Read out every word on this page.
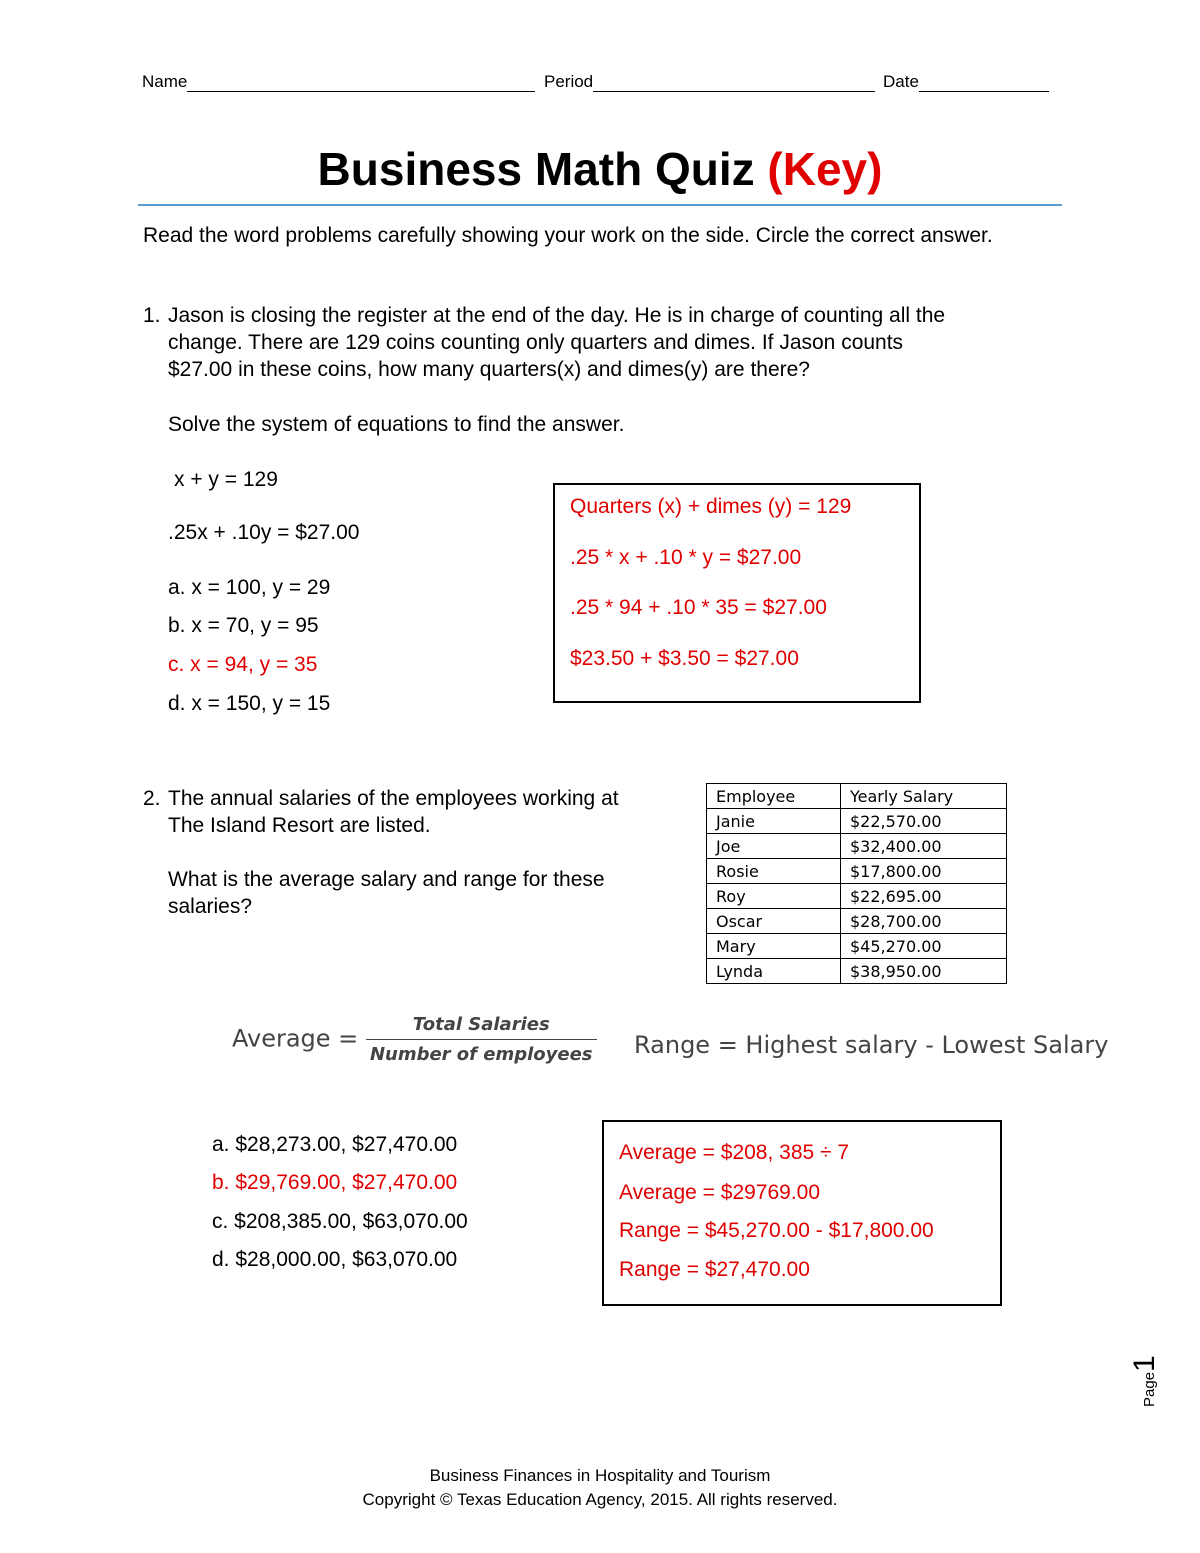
Name	Period	Date
Business Math Quiz (Key)
Read the word problems carefully showing your work on the side. Circle the correct answer.
1. Jason is closing the register at the end of the day. He is in charge of counting all the
change. There are 129 coins counting only quarters and dimes. If Jason counts
$27.00 in these coins, how many quarters(x) and dimes(y) are there?
Solve the system of equations to find the answer.
x + y = 129
.25x + .10y = $27.00
a. x = 100, y = 29
b. x = 70, y = 95
c. x = 94, y = 35
d. x = 150, y = 15
Quarters (x) + dimes (y) = 129
.25 * x + .10 * y = $27.00
.25 * 94 + .10 * 35 = $27.00
$23.50 + $3.50 = $27.00
2. The annual salaries of the employees working at
The Island Resort are listed.
What is the average salary and range for these
salaries?
Employee	Yearly Salary
Janie	$22,570.00
Joe	$32,400.00
Rosie	$17,800.00
Roy	$22,695.00
Oscar	$28,700.00
Mary	$45,270.00
Lynda	$38,950.00
Average = $\frac{\text{Total Salaries}}{\text{Number of employees}}$ Range = Highest salary - Lowest Salary
a. $28,273.00, $27,470.00
b. $29,769.00, $27,470.00
c. $208,385.00, $63,070.00
d. $28,000.00, $63,070.00
Average = $208, 385 ÷ 7
Average = $29769.00
Range = $45,270.00 - $17,800.00
Range = $27,470.00
Page1
Business Finances in Hospitality and Tourism
Copyright © Texas Education Agency, 2015. All rights reserved.
